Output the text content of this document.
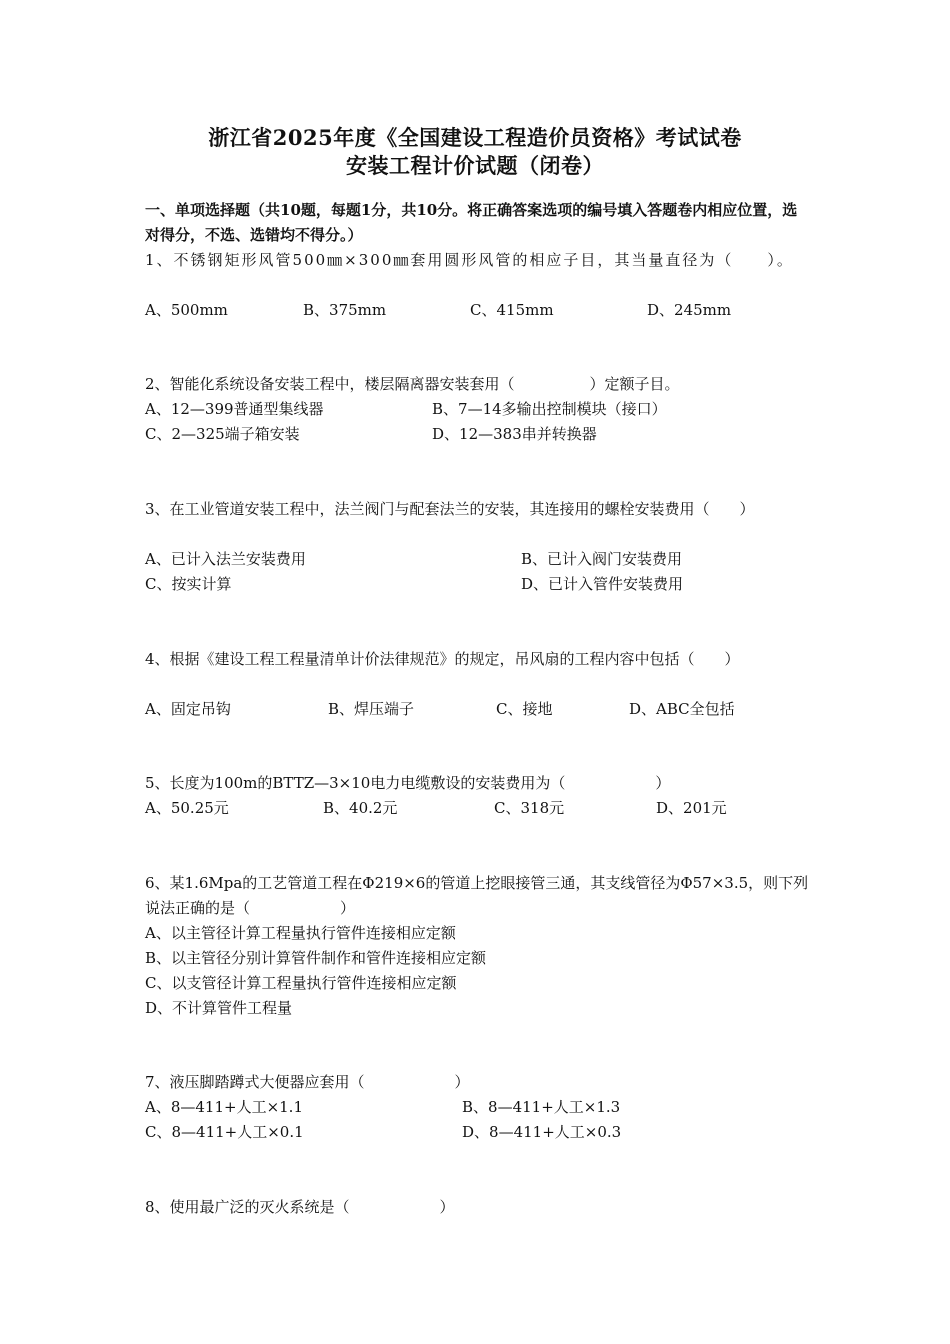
浙江省2025年度《全国建设工程造价员资格》考试试卷
安装工程计价试题（闭卷）
一、单项选择题（共10题，每题1分，共10分。将正确答案选项的编号填入答题卷内相应位置，选对得分，不选、选错均不得分。）
1、不锈钢矩形风管500㎜×300㎜套用圆形风管的相应子目，其当量直径为（　　）。
A、500mm	B、375mm	C、415mm	D、245mm
2、智能化系统设备安装工程中，楼层隔离器安装套用（　　　　　）定额子目。
A、12—399普通型集线器	B、7—14多输出控制模块（接口）
C、2—325端子箱安装	D、12—383串并转换器
3、在工业管道安装工程中，法兰阀门与配套法兰的安装，其连接用的螺栓安装费用（　　）
A、已计入法兰安装费用	B、已计入阀门安装费用
C、按实计算	D、已计入管件安装费用
4、根据《建设工程工程量清单计价法律规范》的规定，吊风扇的工程内容中包括（　　）
A、固定吊钩	B、焊压端子	C、接地	D、ABC全包括
5、长度为100m的BTTZ—3×10电力电缆敷设的安装费用为（　　　　　　）
A、50.25元	B、40.2元	C、318元	D、201元
6、某1.6Mpa的工艺管道工程在Φ219×6的管道上挖眼接管三通，其支线管径为Φ57×3.5，则下列说法正确的是（　　　　　　）
A、以主管径计算工程量执行管件连接相应定额
B、以主管径分别计算管件制作和管件连接相应定额
C、以支管径计算工程量执行管件连接相应定额
D、不计算管件工程量
7、液压脚踏蹲式大便器应套用（　　　　　　）
A、8—411+人工×1.1	B、8—411+人工×1.3
C、8—411+人工×0.1	D、8—411+人工×0.3
8、使用最广泛的灭火系统是（　　　　　　）
